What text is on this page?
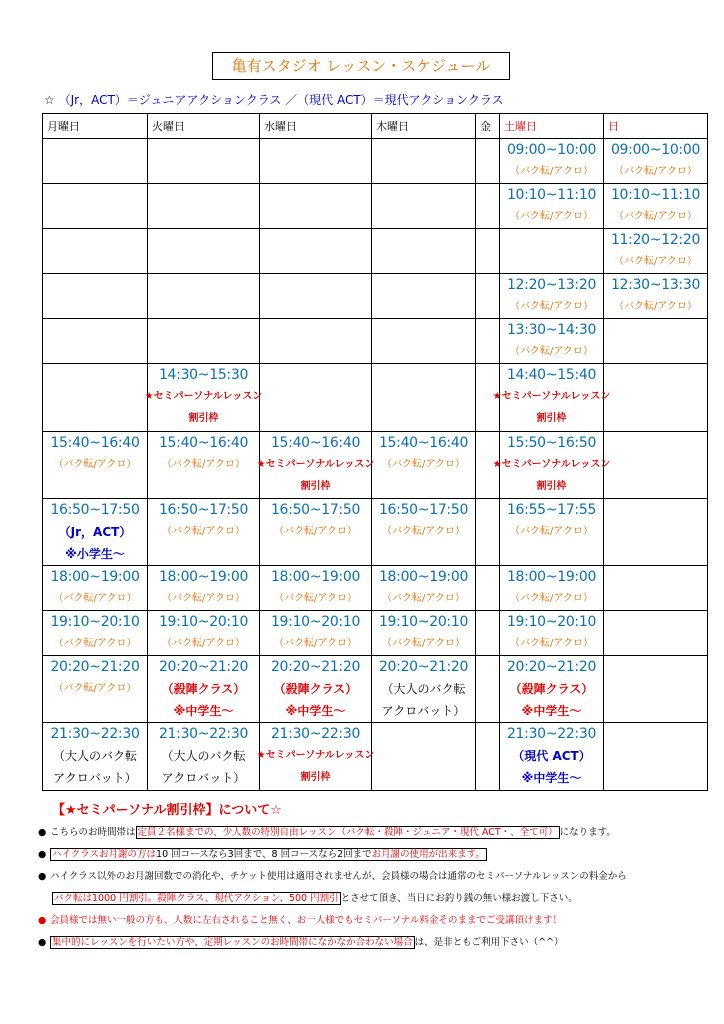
亀有スタジオ レッスン・スケジュール
☆ （Jr，ACT）＝ジュニアアクションクラス ／（現代 ACT）＝現代アクションクラス
月曜日	火曜日	水曜日	木曜日	金	土曜日	日

					09:00~10:00
（バク転/アクロ）	09:00~10:00
（バク転/アクロ）

					10:10~11:10
（バク転/アクロ）	10:10~11:10
（バク転/アクロ）

						11:20~12:20
（バク転/アクロ）

					12:20~13:20
（バク転/アクロ）	12:30~13:30
（バク転/アクロ）

					13:30~14:30
（バク転/アクロ）	

	14:30~15:30
★セミパーソナルレッスン
割引枠				14:40~15:40
★セミパーソナルレッスン
割引枠	

15:40~16:40
（バク転/アクロ）	15:40~16:40
（バク転/アクロ）	15:40~16:40
★セミパーソナルレッスン
割引枠	15:40~16:40
（バク転/アクロ）		15:50~16:50
★セミパーソナルレッスン
割引枠	

16:50~17:50
（Jr，ACT）
※小学生～	16:50~17:50
（バク転/アクロ）	16:50~17:50
（バク転/アクロ）	16:50~17:50
（バク転/アクロ）		16:55~17:55
（バク転/アクロ）	

18:00~19:00
（バク転/アクロ）	18:00~19:00
（バク転/アクロ）	18:00~19:00
（バク転/アクロ）	18:00~19:00
（バク転/アクロ）		18:00~19:00
（バク転/アクロ）	

19:10~20:10
（バク転/アクロ）	19:10~20:10
（バク転/アクロ）	19:10~20:10
（バク転/アクロ）	19:10~20:10
（バク転/アクロ）		19:10~20:10
（バク転/アクロ）	

20:20~21:20
（バク転/アクロ）	20:20~21:20
（殺陣クラス）
※中学生～	20:20~21:20
（殺陣クラス）
※中学生～	20:20~21:20
（大人のバク転
アクロバット）		20:20~21:20
（殺陣クラス）
※中学生～	

21:30~22:30
（大人のバク転
アクロバット）	21:30~22:30
（大人のバク転
アクロバット）	21:30~22:30
★セミパーソナルレッスン
割引枠			21:30~22:30
（現代 ACT）
※中学生～	

【★セミパーソナル割引枠】について☆
● こちらのお時間帯は 定員２名様までの、少人数の特別自由レッスン（バク転・殺陣・ジュニア・現代 ACT・、全て可） になります。
● ハイクラスお月謝の方は10 回コースなら3回まで、8 回コースなら2回までお月謝の使用が出来ます。
● ハイクラス以外のお月謝回数での消化や、チケット使用は適用されませんが、会員様の場合は通常のセミパーソナルレッスンの料金から
バク転は1000 円割引。殺陣クラス、現代アクション、500 円割引 とさせて頂き、当日にお釣り銭の無い様お渡し下さい。
● 会員様では無い一般の方も、人数に左右されること無く、お一人様でもセミパーソナル料金そのままでご受講頂けます！
● 集中的にレッスンを行いたい方や、定期レッスンのお時間帯になかなか合わない場合 は、是非ともご利用下さい（^^）
